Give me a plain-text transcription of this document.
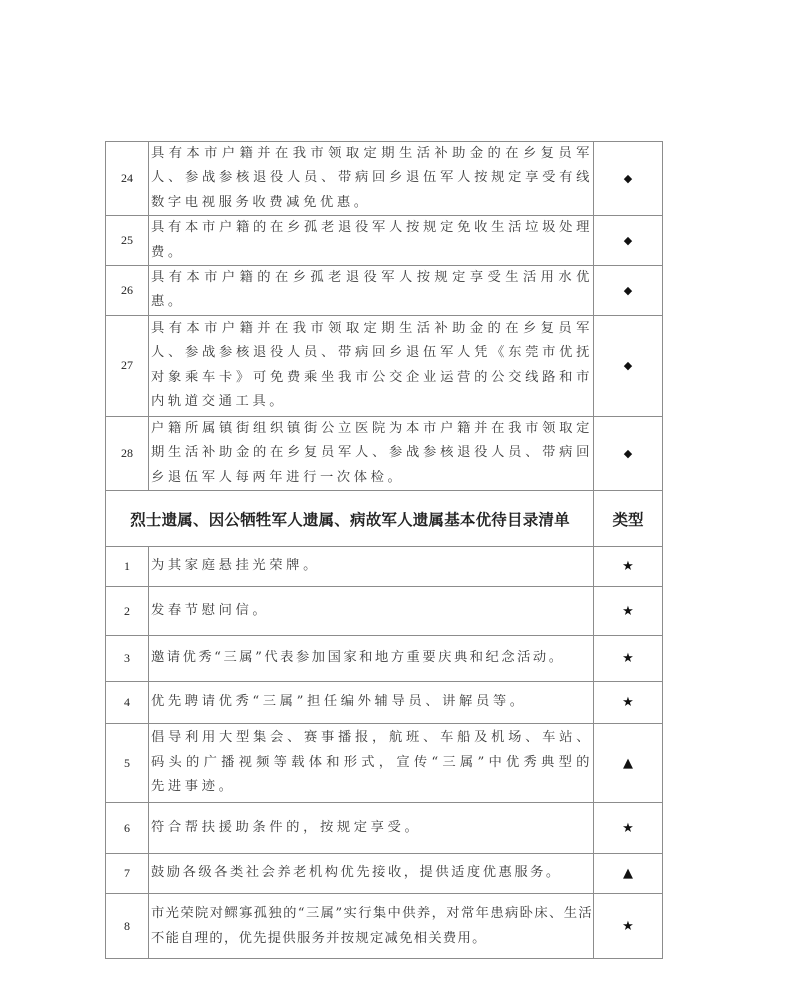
24	具有本市户籍并在我市领取定期生活补助金的在乡复员军人、参战参核退役人员、带病回乡退伍军人按规定享受有线数字电视服务收费减免优惠。	◆
25	具有本市户籍的在乡孤老退役军人按规定免收生活垃圾处理费。	◆
26	具有本市户籍的在乡孤老退役军人按规定享受生活用水优惠。	◆
27	具有本市户籍并在我市领取定期生活补助金的在乡复员军人、参战参核退役人员、带病回乡退伍军人凭《东莞市优抚对象乘车卡》可免费乘坐我市公交企业运营的公交线路和市内轨道交通工具。	◆
28	户籍所属镇街组织镇街公立医院为本市户籍并在我市领取定期生活补助金的在乡复员军人、参战参核退役人员、带病回乡退伍军人每两年进行一次体检。	◆
烈士遗属、因公牺牲军人遗属、病故军人遗属基本优待目录清单		类型
1	为其家庭悬挂光荣牌。	★
2	发春节慰问信。	★
3	邀请优秀“三属”代表参加国家和地方重要庆典和纪念活动。	★
4	优先聘请优秀“三属”担任编外辅导员、讲解员等。	★
5	倡导利用大型集会、赛事播报，航班、车船及机场、车站、码头的广播视频等载体和形式，宣传“三属”中优秀典型的先进事迹。	▲
6	符合帮扶援助条件的，按规定享受。	★
7	鼓励各级各类社会养老机构优先接收，提供适度优惠服务。	▲
8	市光荣院对鳏寡孤独的“三属”实行集中供养，对常年患病卧床、生活不能自理的，优先提供服务并按规定减免相关费用。	★
